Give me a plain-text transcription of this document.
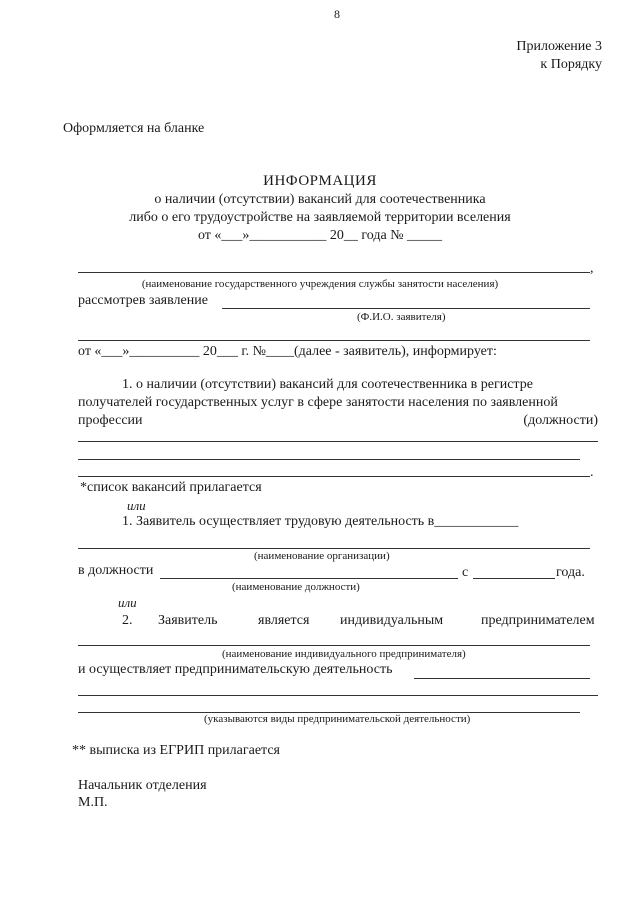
8
Приложение 3
к Порядку
Оформляется на бланке
ИНФОРМАЦИЯ
о наличии (отсутствии) вакансий для соотечественника
либо о его трудоустройстве на заявляемой территории вселения
от «___»___________ 20__ года № _____
,
(наименование государственного учреждения службы занятости населения)
рассмотрев заявление
(Ф.И.О. заявителя)
от «___»__________ 20___ г. №____(далее - заявитель), информирует:
1. о наличии (отсутствии) вакансий для соотечественника в регистре
получателей государственных услуг в сфере занятости населения по заявленной
профессии	(должности)
.
*список вакансий прилагается
или
1. Заявитель осуществляет трудовую деятельность в____________
(наименование организации)
в должности	с	года.
(наименование должности)
или
2. Заявитель	является индивидуальным	предпринимателем
(наименование индивидуального предпринимателя)
и осуществляет предпринимательскую деятельность
(указываются виды предпринимательской деятельности)
** выписка из ЕГРИП прилагается
Начальник отделения
М.П.
